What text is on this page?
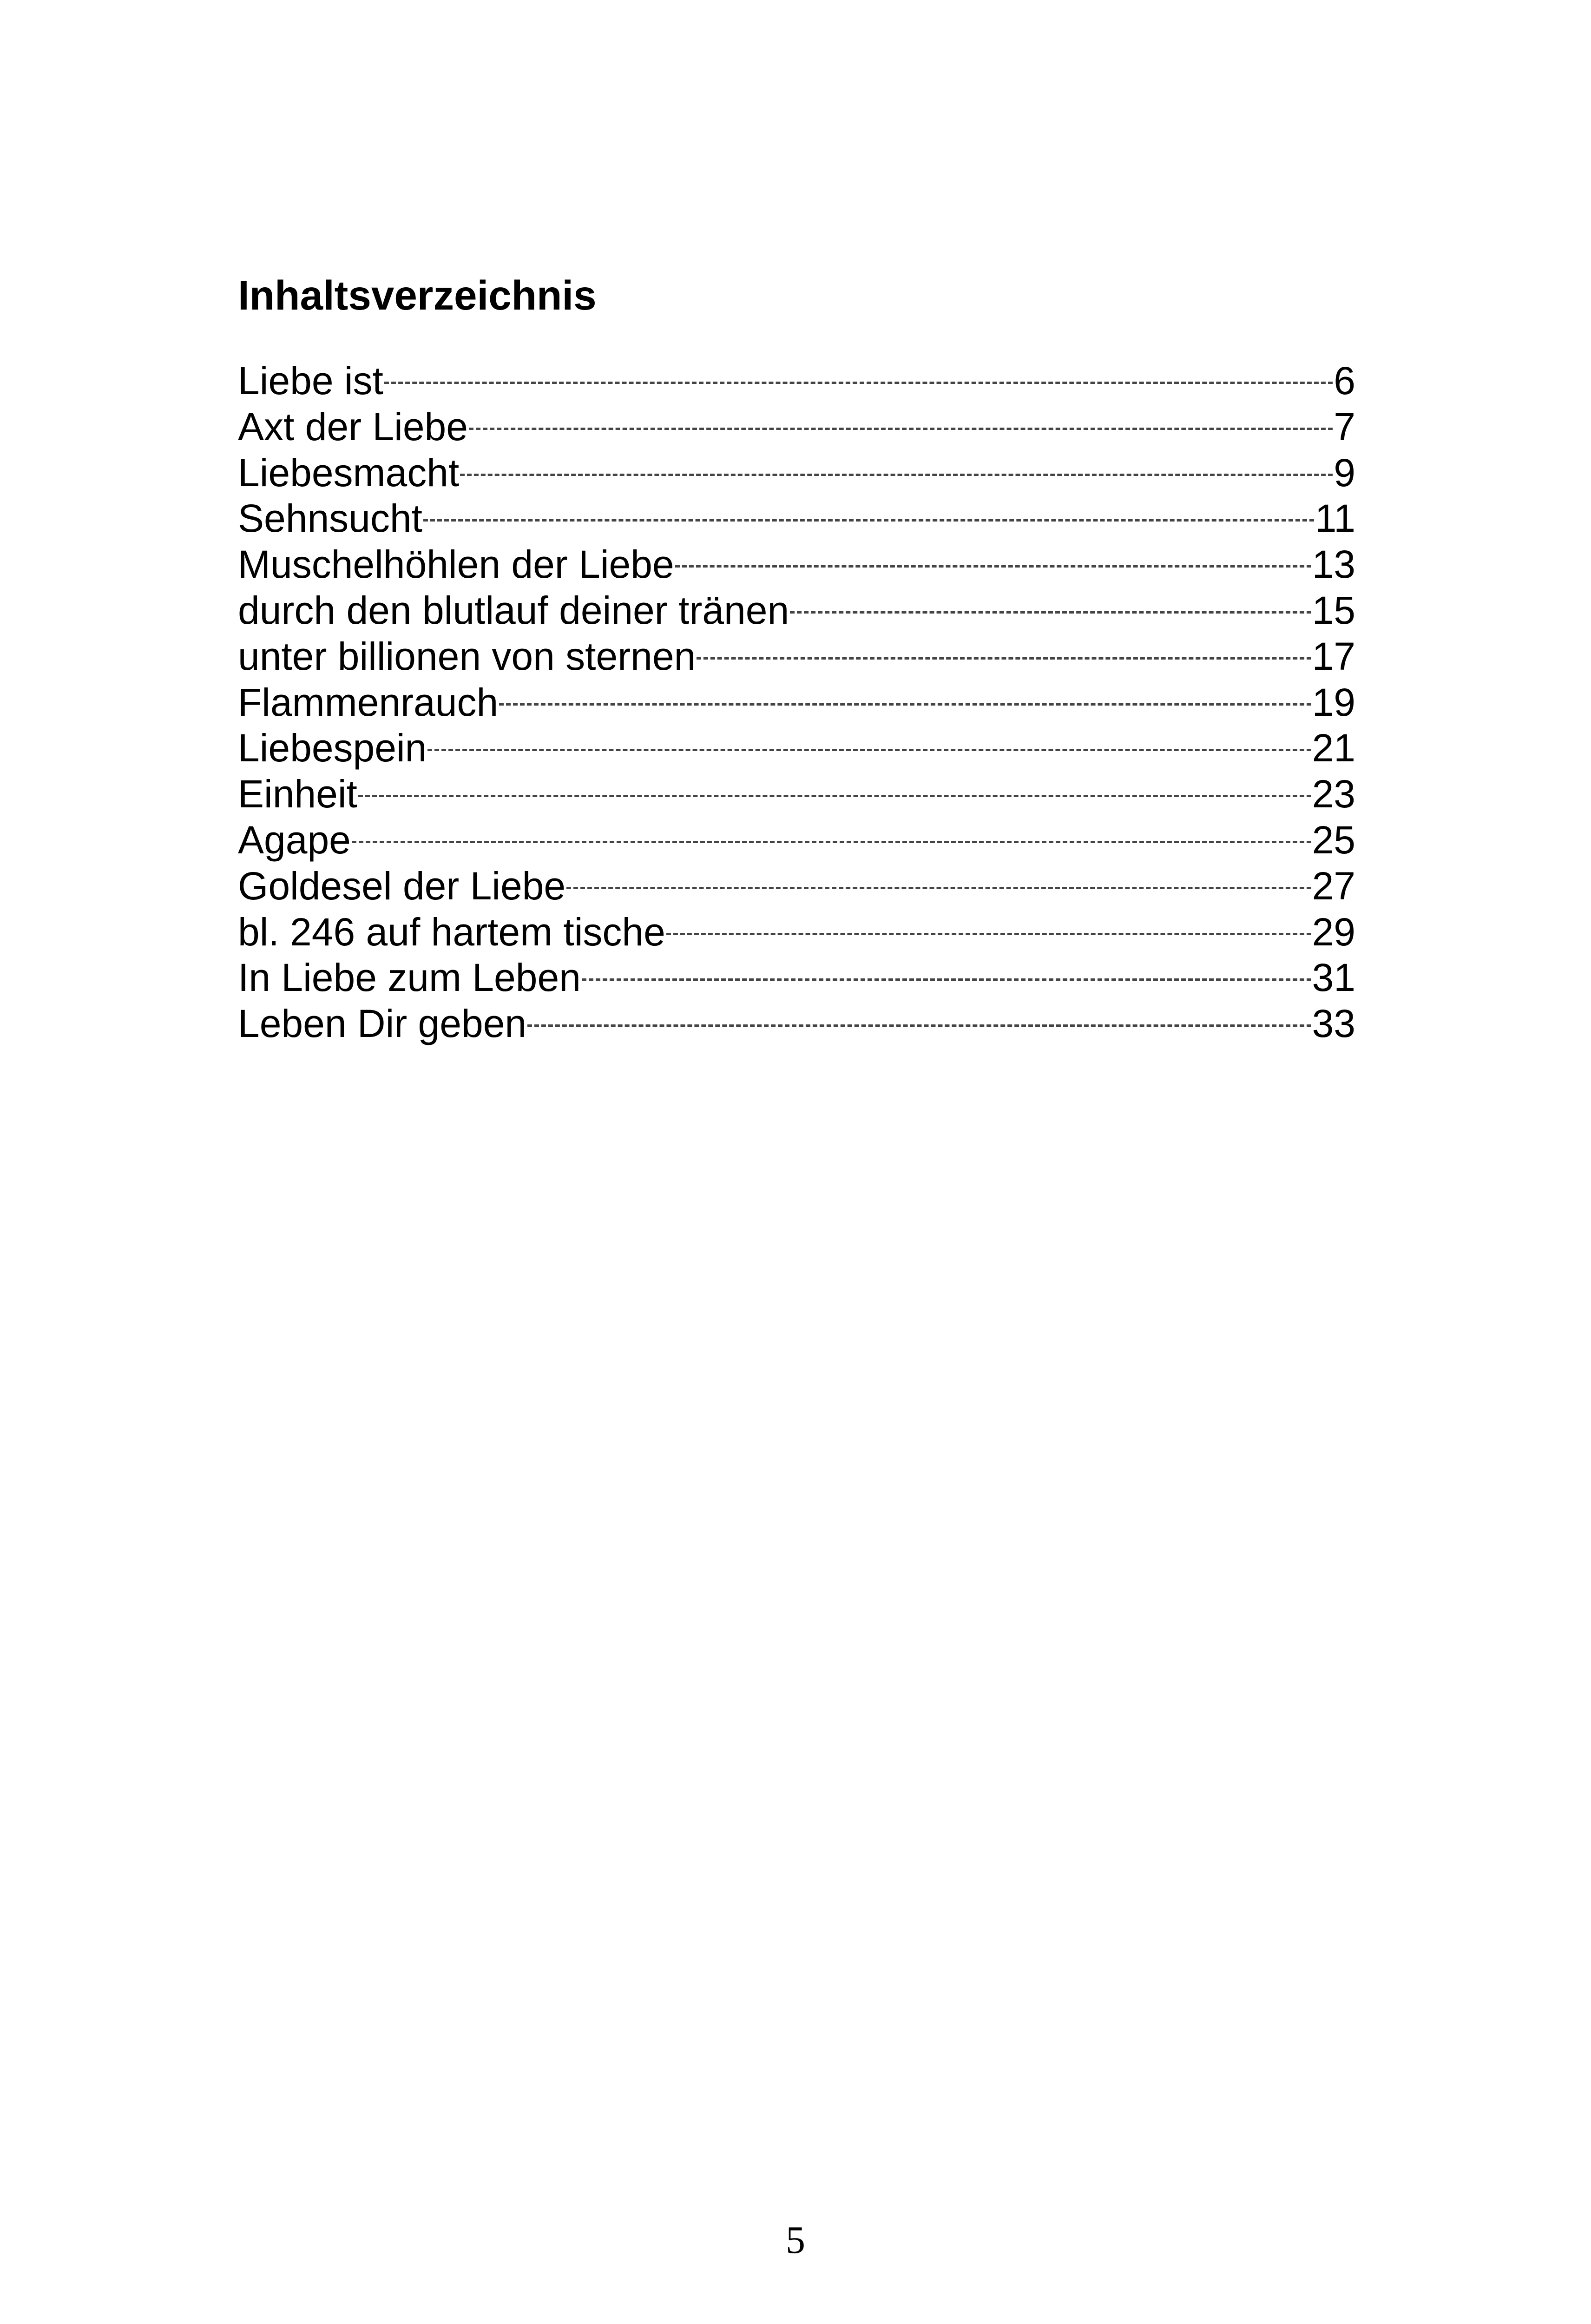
Inhaltsverzeichnis
Liebe ist	6
Axt der Liebe	7
Liebesmacht	9
Sehnsucht	11
Muschelhöhlen der Liebe	13
durch den blutlauf deiner tränen	15
unter billionen von sternen	17
Flammenrauch	19
Liebespein	21
Einheit	23
Agape	25
Goldesel der Liebe	27
bl. 246 auf hartem tische	29
In Liebe zum Leben	31
Leben Dir geben	33
5
